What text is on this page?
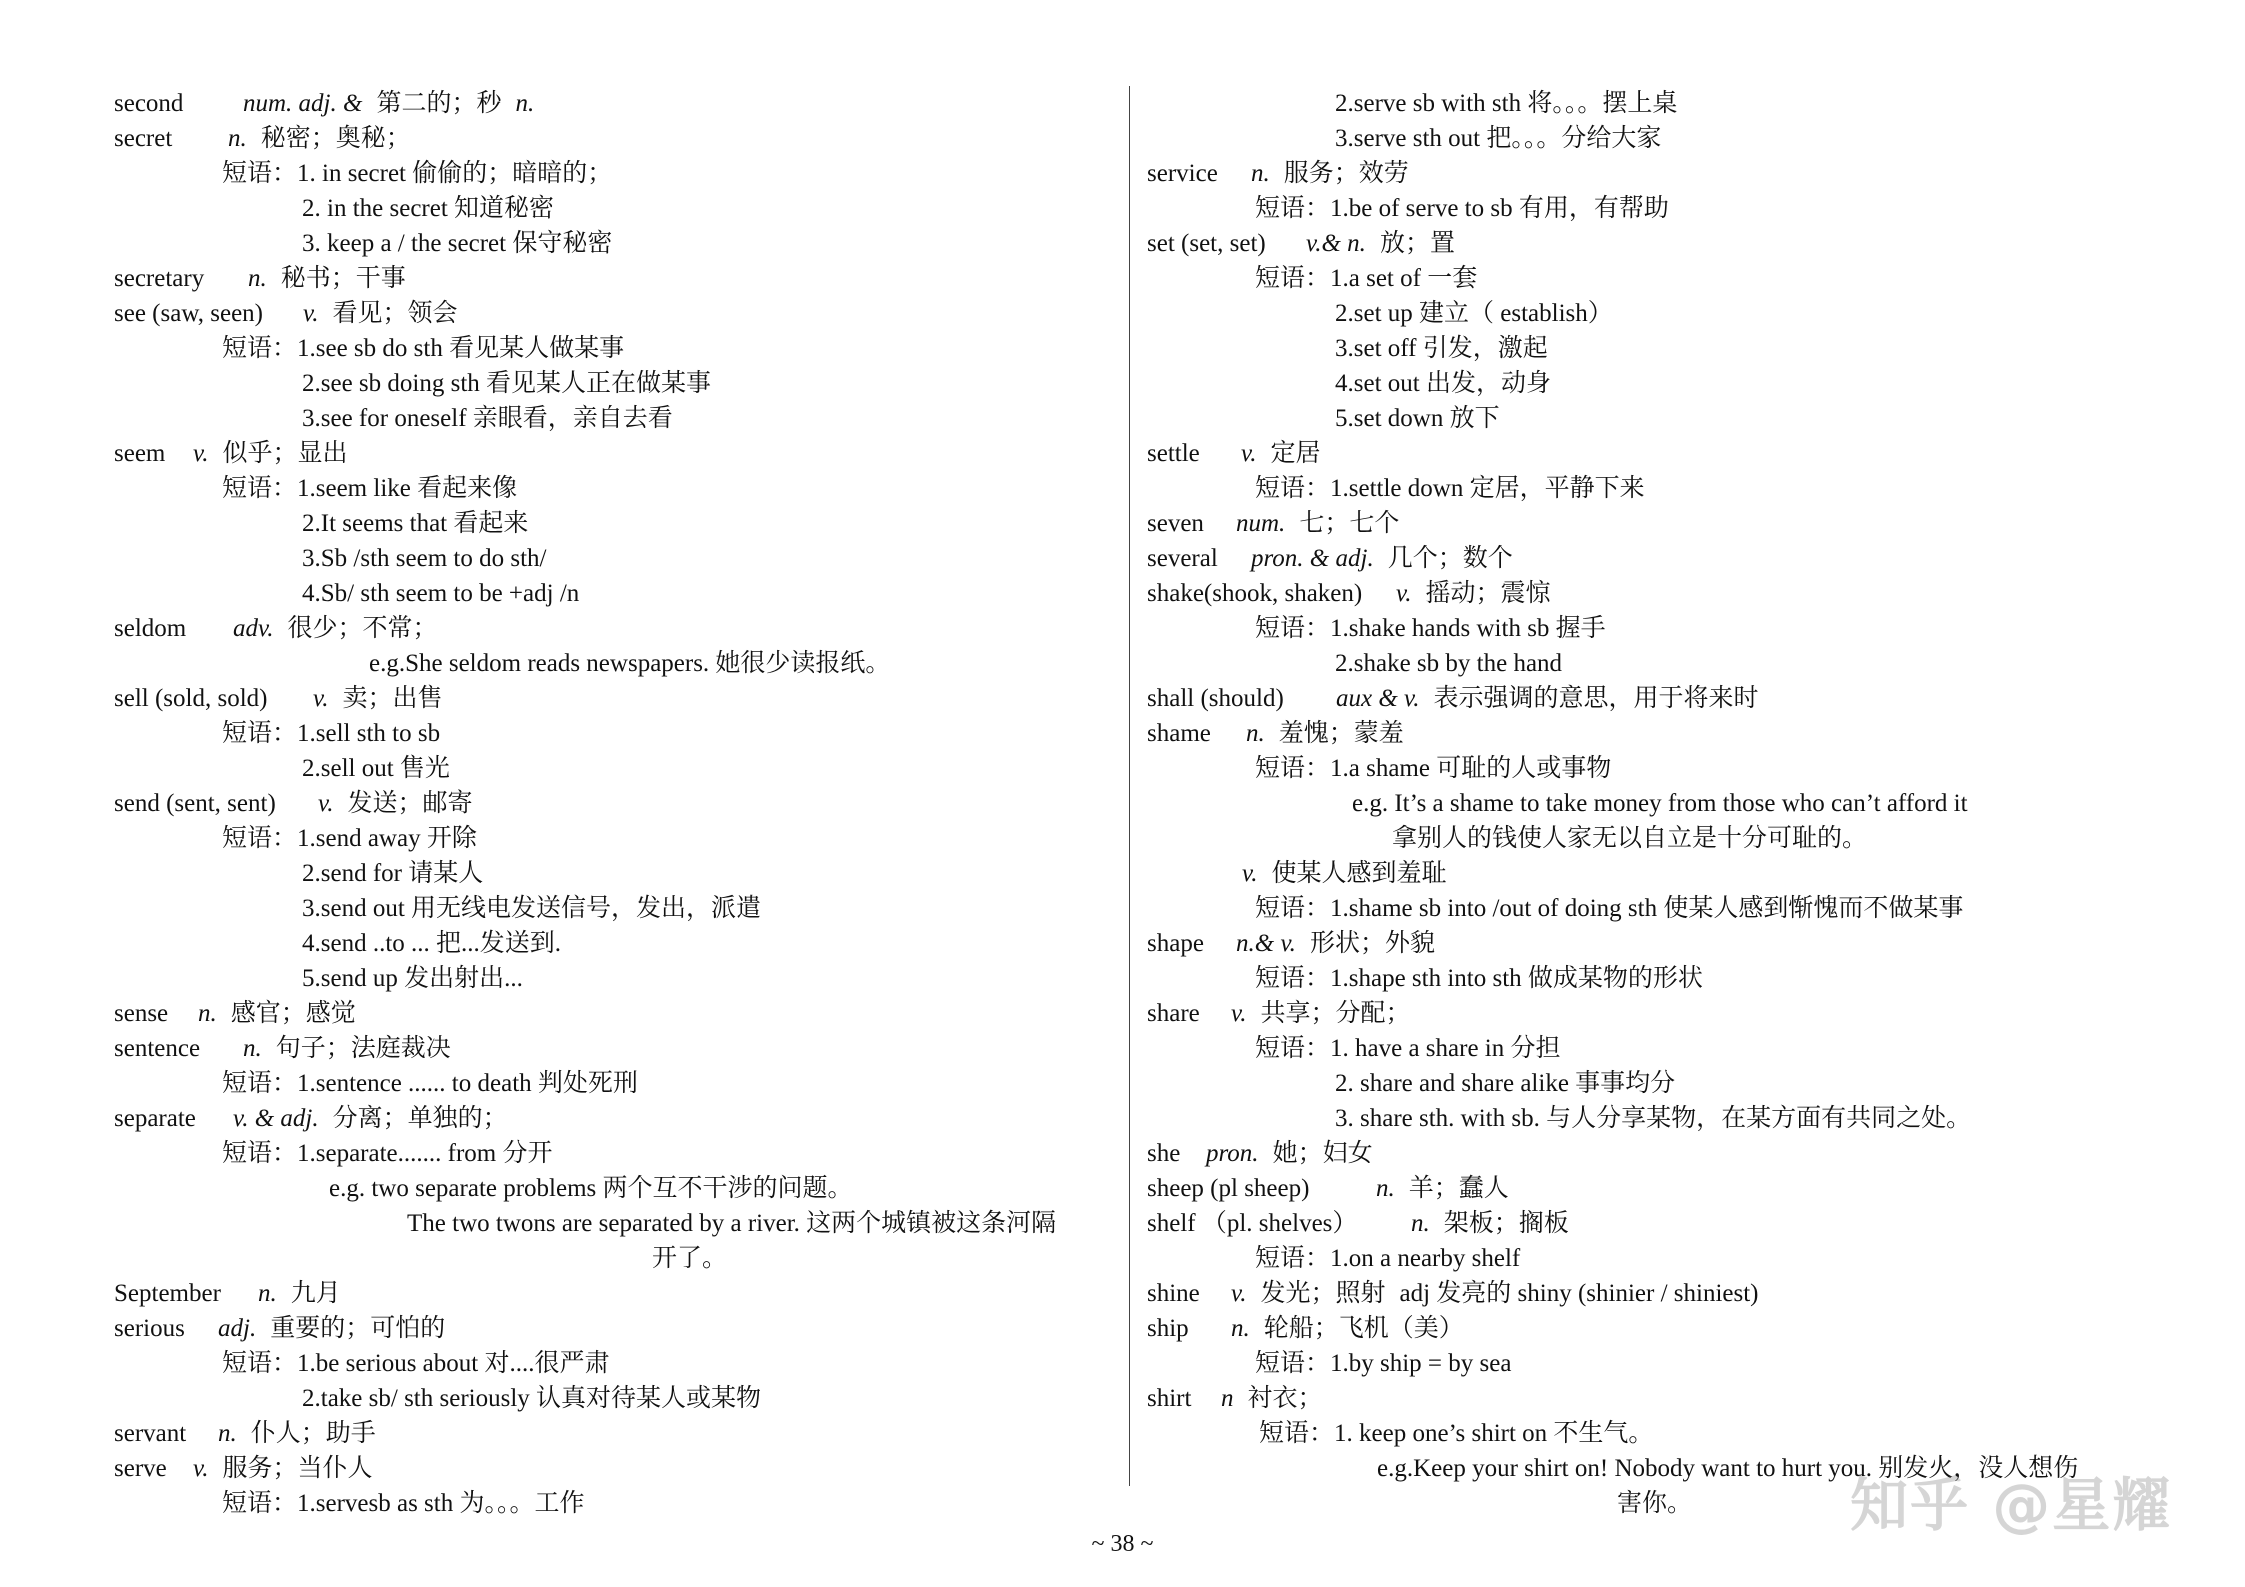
second num. adj. & 第二的；秒 n.
secret n. 秘密；奥秘；
短语：1. in secret 偷偷的；暗暗的；
2. in the secret 知道秘密
3. keep a / the secret 保守秘密
secretary n. 秘书；干事
see (saw, seen) v. 看见；领会
短语：1.see sb do sth 看见某人做某事
2.see sb doing sth 看见某人正在做某事
3.see for oneself 亲眼看，亲自去看
seem v. 似乎；显出
短语：1.seem like 看起来像
2.It seems that 看起来
3.Sb /sth seem to do sth/
4.Sb/ sth seem to be +adj /n
seldom adv. 很少；不常；
e.g.She seldom reads newspapers. 她很少读报纸。
sell (sold, sold) v. 卖；出售
短语：1.sell sth to sb
2.sell out 售光
send (sent, sent) v. 发送；邮寄
短语：1.send away 开除
2.send for 请某人
3.send out 用无线电发送信号，发出，派遣
4.send ..to ... 把...发送到.
5.send up 发出射出...
sense n. 感官；感觉
sentence n. 句子；法庭裁决
短语：1.sentence ...... to death 判处死刑
separate v. & adj. 分离；单独的；
短语：1.separate....... from 分开
e.g. two separate problems 两个互不干涉的问题。
The two twons are separated by a river. 这两个城镇被这条河隔
开了。
September n. 九月
serious adj. 重要的；可怕的
短语：1.be serious about 对....很严肃
2.take sb/ sth seriously 认真对待某人或某物
servant n. 仆人；助手
serve v. 服务；当仆人
短语：1.servesb as sth 为。。。工作
2.serve sb with sth 将。。。摆上桌
3.serve sth out 把。。。分给大家
service n. 服务；效劳
短语：1.be of serve to sb 有用，有帮助
set (set, set) v.& n. 放；置
短语：1.a set of 一套
2.set up 建立（ establish）
3.set off 引发，激起
4.set out 出发，动身
5.set down 放下
settle v. 定居
短语：1.settle down 定居，平静下来
seven num. 七；七个
several pron. & adj. 几个；数个
shake(shook, shaken) v. 摇动；震惊
短语：1.shake hands with sb 握手
2.shake sb by the hand
shall (should) aux & v. 表示强调的意思，用于将来时
shame n. 羞愧；蒙羞
短语：1.a shame 可耻的人或事物
e.g. It’s a shame to take money from those who can’t afford it
拿别人的钱使人家无以自立是十分可耻的。
v. 使某人感到羞耻
短语：1.shame sb into /out of doing sth 使某人感到惭愧而不做某事
shape n.& v. 形状；外貌
短语：1.shape sth into sth 做成某物的形状
share v. 共享；分配；
短语：1. have a share in 分担
2. share and share alike 事事均分
3. share sth. with sb. 与人分享某物，在某方面有共同之处。
she pron. 她；妇女
sheep (pl sheep)	n. 羊；蠢人
shelf （pl. shelves） n. 架板；搁板
短语：1.on a nearby shelf
shine v. 发光；照射 adj 发亮的 shiny (shinier / shiniest)
ship n. 轮船；飞机（美）
短语：1.by ship = by sea
shirt n 衬衣；
短语：1. keep one’s shirt on 不生气。
e.g.Keep your shirt on! Nobody want to hurt you. 别发火，没人想伤
害你。
~ 38 ~
知乎 @星耀
